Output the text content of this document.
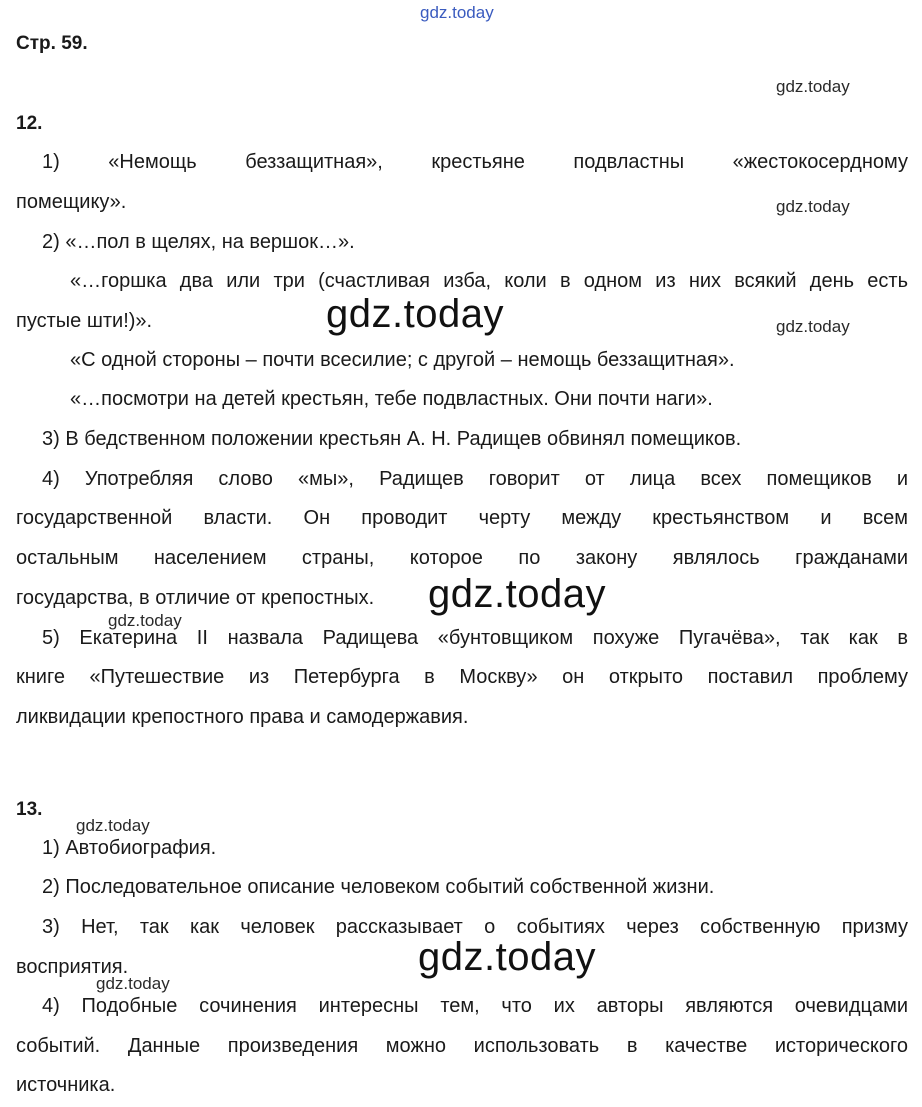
gdz.today
Стр. 59.
gdz.today
12.
1) «Немощь беззащитная», крестьяне подвластны «жестокосердному
помещику».	gdz.today
2) «…пол в щелях, на вершок…».
«…горшка два или три (счастливая изба, коли в одном из них всякий день есть
пустые шти!)».	gdz.today	gdz.today
«С одной стороны – почти всесилие; с другой – немощь беззащитная».
«…посмотри на детей крестьян, тебе подвластных. Они почти наги».
3) В бедственном положении крестьян А. Н. Радищев обвинял помещиков.
4) Употребляя слово «мы», Радищев говорит от лица всех помещиков и
государственной власти. Он проводит черту между крестьянством и всем
остальным населением страны, которое по закону являлось гражданами
государства, в отличие от крепостных.	gdz.today
gdz.today
5) Екатерина II назвала Радищева «бунтовщиком похуже Пугачёва», так как в
книге «Путешествие из Петербурга в Москву» он открыто поставил проблему
ликвидации крепостного права и самодержавия.
13.
gdz.today
1) Автобиография.
2) Последовательное описание человеком событий собственной жизни.
3) Нет, так как человек рассказывает о событиях через собственную призму
восприятия.	gdz.today
gdz.today
4) Подобные сочинения интересны тем, что их авторы являются очевидцами
событий. Данные произведения можно использовать в качестве исторического
источника.
